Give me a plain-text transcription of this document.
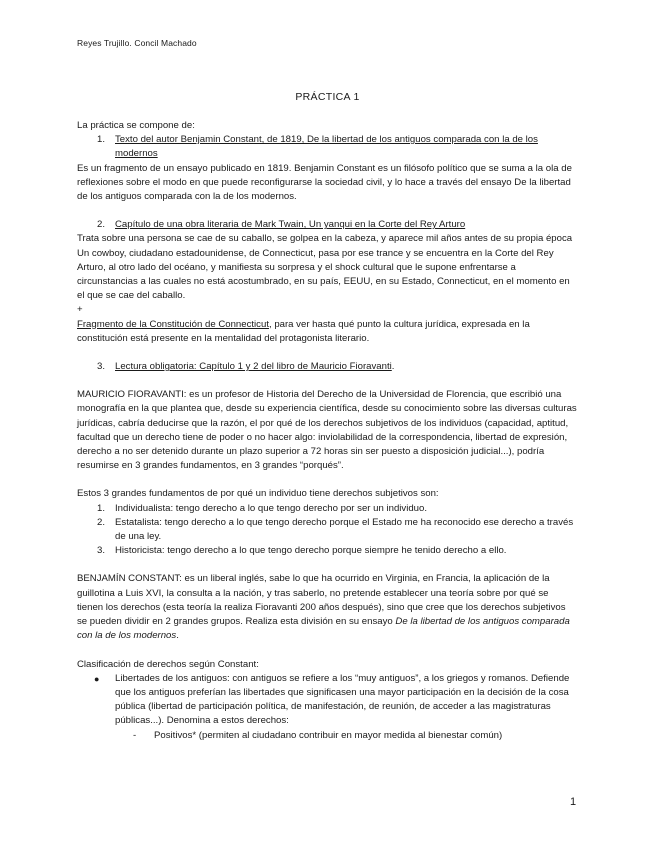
Reyes Trujillo. Concil Machado
PRÁCTICA 1

La práctica se compone de:

1. Texto del autor Benjamin Constant, de 1819, De la libertad de los antiguos comparada con la de los modernos

Es un fragmento de un ensayo publicado en 1819. Benjamin Constant es un filósofo político que se suma a la ola de reflexiones sobre el modo en que puede reconfigurarse la sociedad civil, y lo hace a través del ensayo De la libertad de los antiguos comparada con la de los modernos.

2. Capítulo de una obra literaria de Mark Twain, Un yanqui en la Corte del Rey Arturo

Trata sobre una persona se cae de su caballo, se golpea en la cabeza, y aparece mil años antes de su propia época Un cowboy, ciudadano estadounidense, de Connecticut, pasa por ese trance y se encuentra en la Corte del Rey Arturo, al otro lado del océano, y manifiesta su sorpresa y el shock cultural que le supone enfrentarse a circunstancias a las cuales no está acostumbrado, en su país, EEUU, en su Estado, Connecticut, en el momento en el que se cae del caballo.

+

Fragmento de la Constitución de Connecticut, para ver hasta qué punto la cultura jurídica, expresada en la constitución está presente en la mentalidad del protagonista literario.

3. Lectura obligatoria: Capítulo 1 y 2 del libro de Mauricio Fioravanti.

MAURICIO FIORAVANTI: es un profesor de Historia del Derecho de la Universidad de Florencia, que escribió una monografía en la que plantea que, desde su experiencia científica, desde su conocimiento sobre las diversas culturas jurídicas, cabría deducirse que la razón, el por qué de los derechos subjetivos de los individuos (capacidad, aptitud, facultad que un derecho tiene de poder o no hacer algo: inviolabilidad de la correspondencia, libertad de expresión, derecho a no ser detenido durante un plazo superior a 72 horas sin ser puesto a disposición judicial...), podría resumirse en 3 grandes fundamentos, en 3 grandes “porqués”.

Estos 3 grandes fundamentos de por qué un individuo tiene derechos subjetivos son:

1. Individualista: tengo derecho a lo que tengo derecho por ser un individuo.

2. Estatalista: tengo derecho a lo que tengo derecho porque el Estado me ha reconocido ese derecho a través de una ley.

3. Historicista: tengo derecho a lo que tengo derecho porque siempre he tenido derecho a ello.

BENJAMÍN CONSTANT: es un liberal inglés, sabe lo que ha ocurrido en Virginia, en Francia, la aplicación de la guillotina a Luis XVI, la consulta a la nación, y tras saberlo, no pretende establecer una teoría sobre por qué se tienen los derechos (esta teoría la realiza Fioravanti 200 años después), sino que cree que los derechos subjetivos se pueden dividir en 2 grandes grupos. Realiza esta división en su ensayo De la libertad de los antiguos comparada con la de los modernos.

Clasificación de derechos según Constant:

● Libertades de los antiguos: con antiguos se refiere a los “muy antiguos”, a los griegos y romanos. Defiende que los antiguos preferían las libertades que significasen una mayor participación en la decisión de la cosa pública (libertad de participación política, de manifestación, de reunión, de acceder a las magistraturas públicas...). Denomina a estos derechos:

- Positivos* (permiten al ciudadano contribuir en mayor medida al bienestar común)

1
